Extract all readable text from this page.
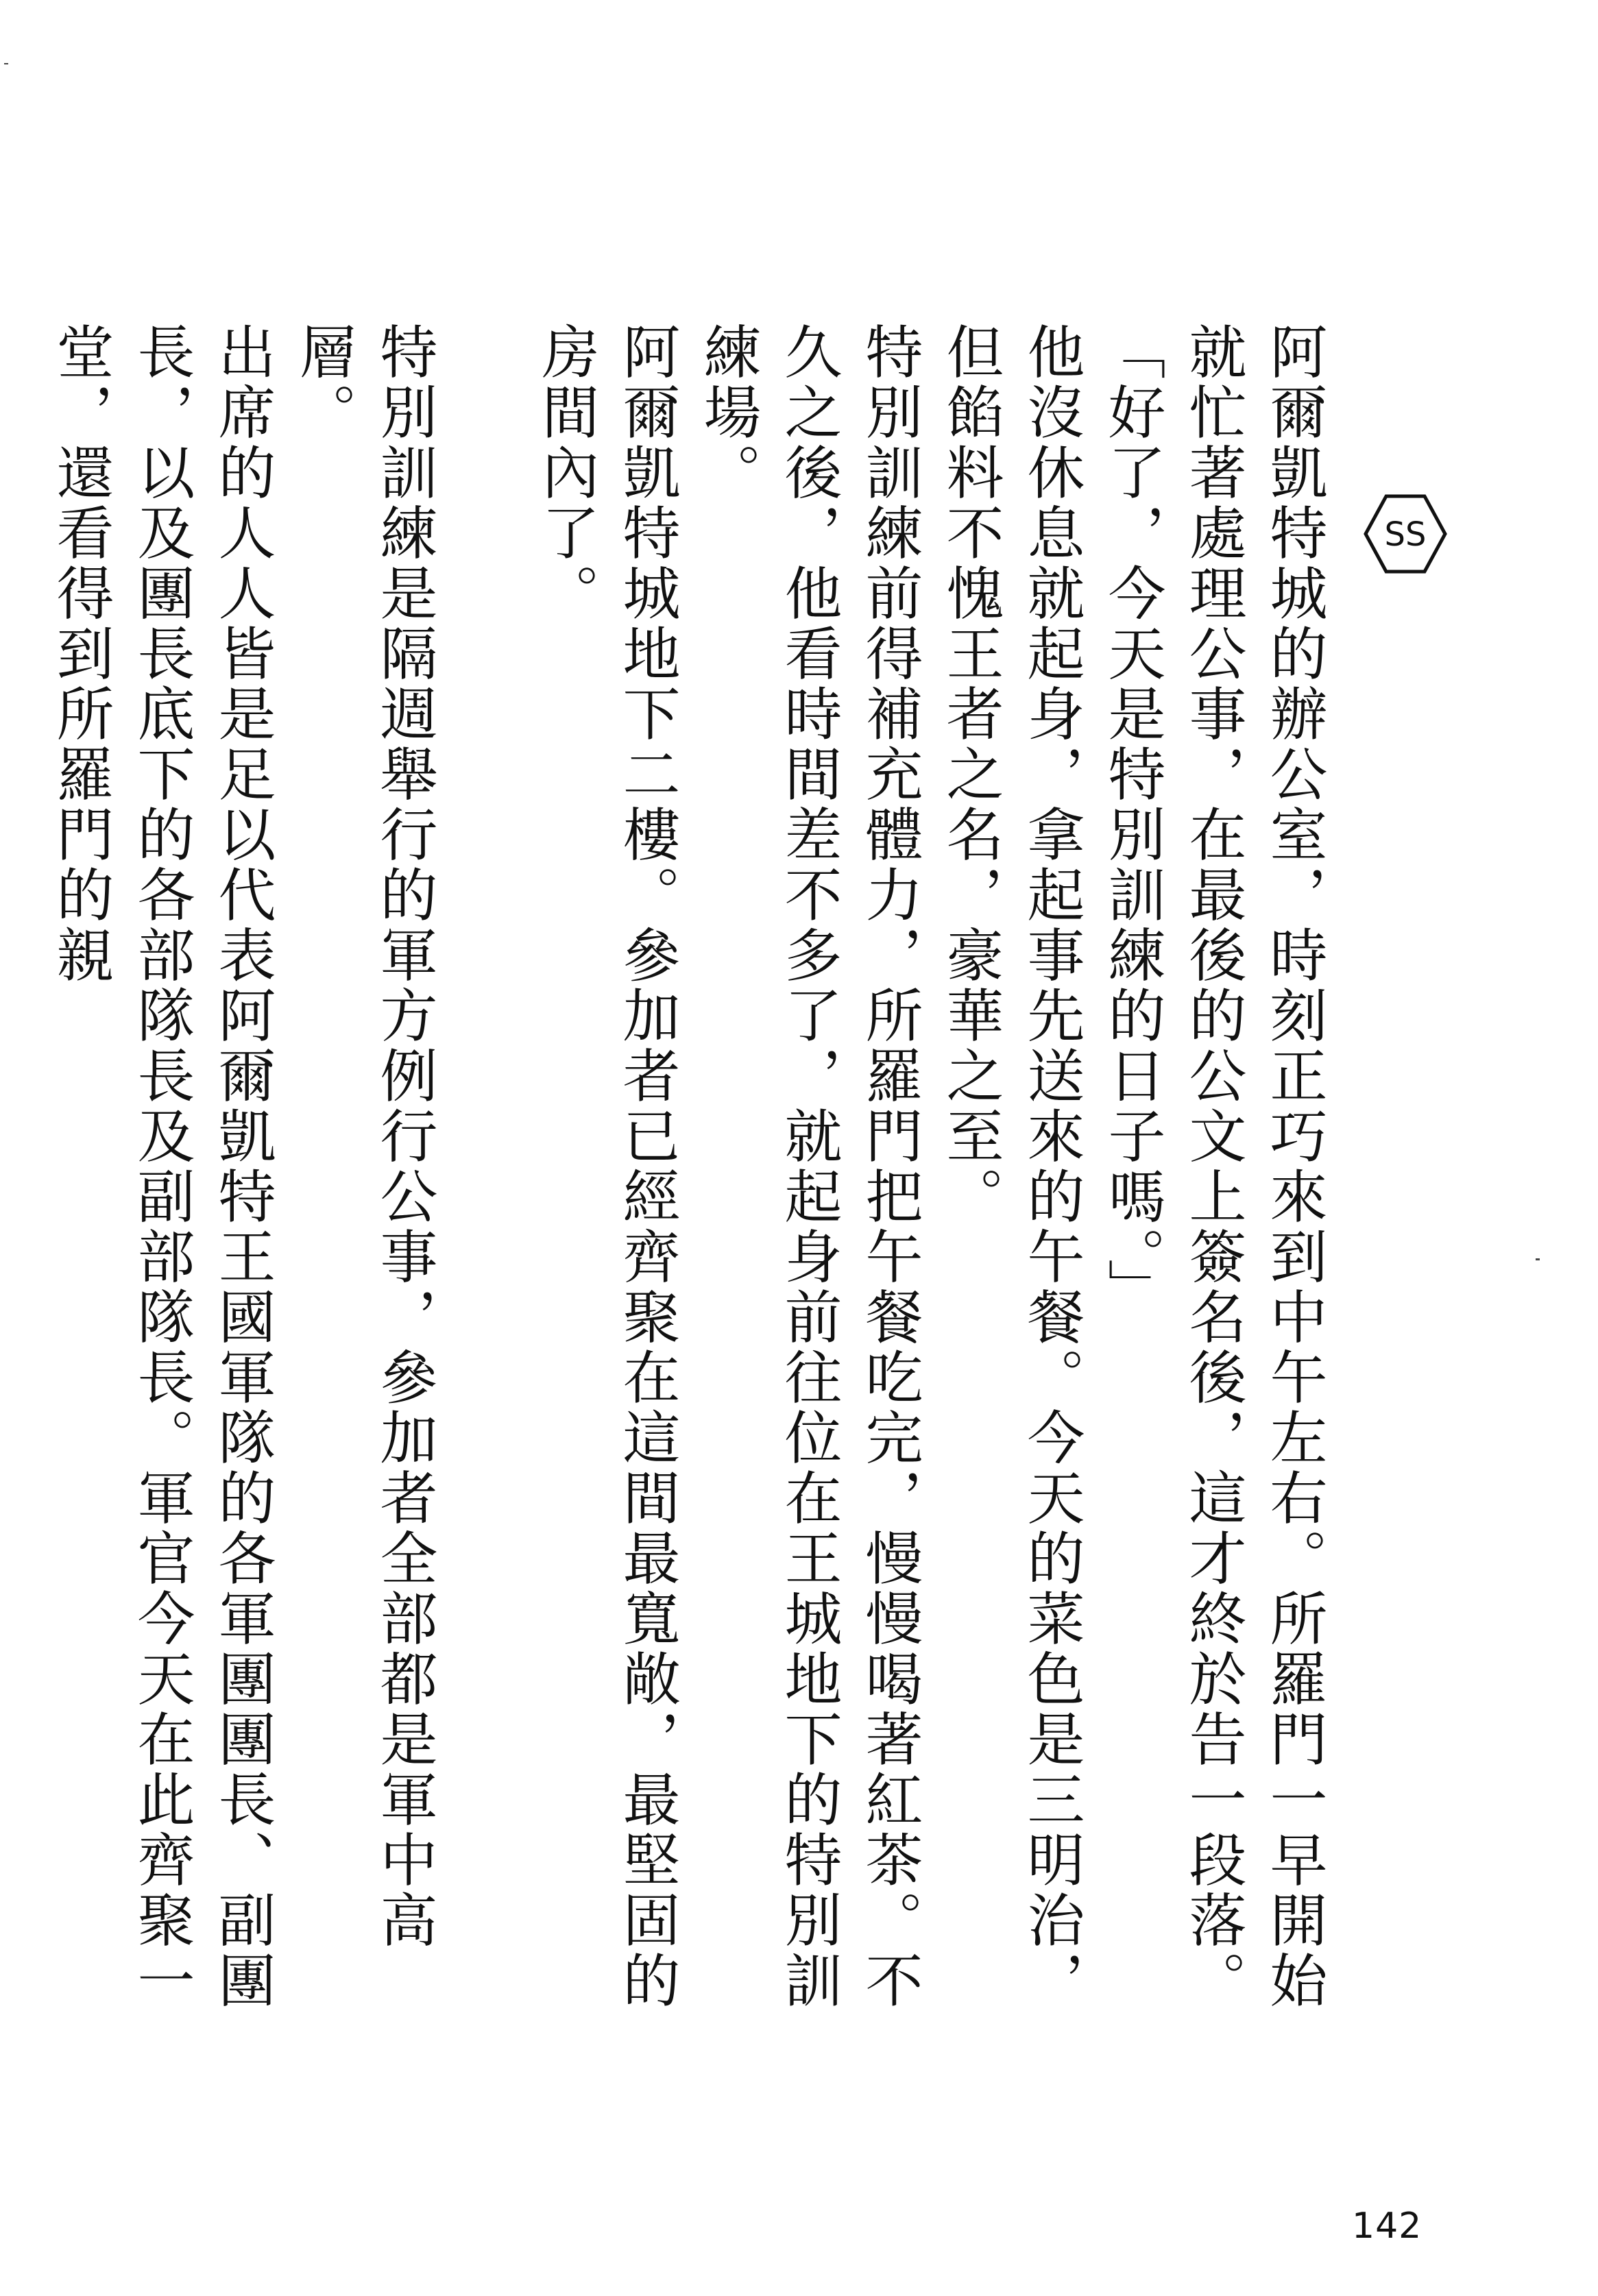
SS

阿爾凱特城的辦公室，時刻正巧來到中午左右。所羅門一早開始就忙著處理公事，在最後的公文上簽名後，這才終於告一段落。

「好了，今天是特別訓練的日子嗎。」

他沒休息就起身，拿起事先送來的午餐。今天的菜色是三明治，但餡料不愧王者之名，豪華之至。

特別訓練前得補充體力，所羅門把午餐吃完，慢慢喝著紅茶。不久之後，他看時間差不多了，就起身前往位在王城地下的特別訓練場。

阿爾凱特城地下二樓。參加者已經齊聚在這間最寬敞，最堅固的房間內了。

特別訓練是隔週舉行的軍方例行公事，參加者全部都是軍中高層。

出席的人人皆是足以代表阿爾凱特王國軍隊的各軍團團長、副團長，以及團長底下的各部隊長及副部隊長。軍官今天在此齊聚一堂，還看得到所羅門的親

142
